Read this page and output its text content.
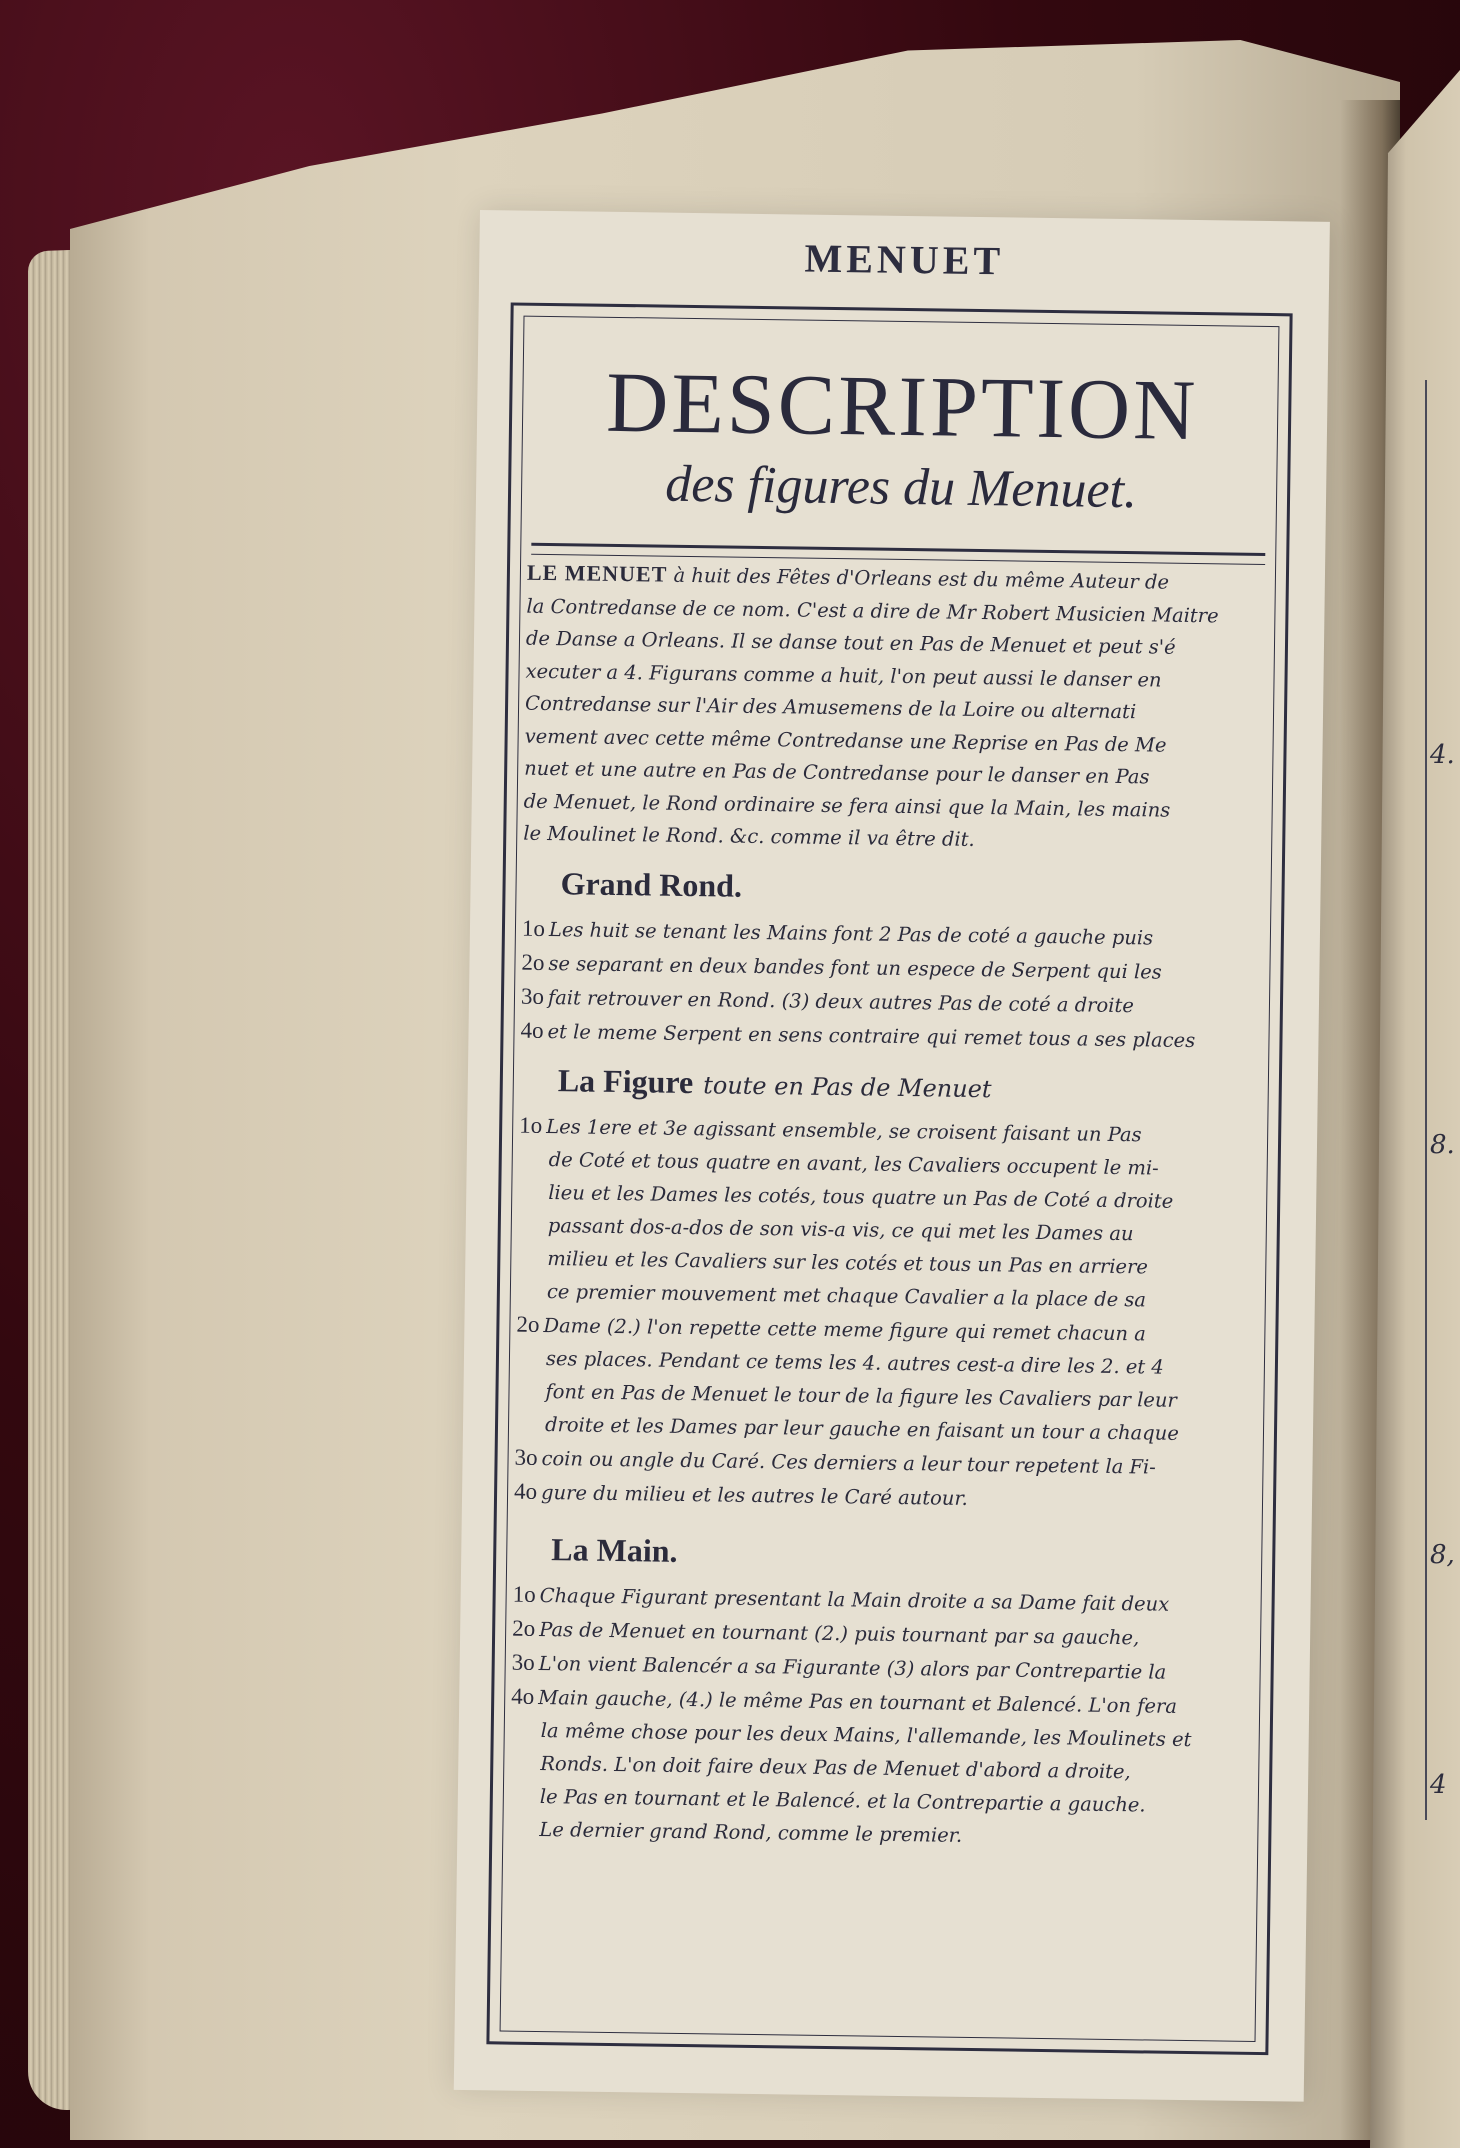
4.
8.
8,
4
MENUET
DESCRIPTION
des figures du Menuet.
LE MENUET à huit des Fêtes d'Orleans est du même Auteur de
la Contredanse de ce nom. C'est a dire de Mr Robert Musicien Maitre
de Danse a Orleans. Il se danse tout en Pas de Menuet et peut s'é
xecuter a 4. Figurans comme a huit, l'on peut aussi le danser en
Contredanse sur l'Air des Amusemens de la Loire ou alternati
vement avec cette même Contredanse une Reprise en Pas de Me
nuet et une autre en Pas de Contredanse pour le danser en Pas
de Menuet, le Rond ordinaire se fera ainsi que la Main, les mains
le Moulinet le Rond. &c. comme il va être dit.
Grand Rond.
1o Les huit se tenant les Mains font 2 Pas de coté a gauche puis
2o se separant en deux bandes font un espece de Serpent qui les
3o fait retrouver en Rond. (3) deux autres Pas de coté a droite
4o et le meme Serpent en sens contraire qui remet tous a ses places
La Figure toute en Pas de Menuet
1o Les 1ere et 3e agissant ensemble, se croisent faisant un Pas
de Coté et tous quatre en avant, les Cavaliers occupent le mi-
lieu et les Dames les cotés, tous quatre un Pas de Coté a droite
passant dos-a-dos de son vis-a vis, ce qui met les Dames au
milieu et les Cavaliers sur les cotés et tous un Pas en arriere
ce premier mouvement met chaque Cavalier a la place de sa
2o Dame (2.) l'on repette cette meme figure qui remet chacun a
ses places. Pendant ce tems les 4. autres cest-a dire les 2. et 4
font en Pas de Menuet le tour de la figure les Cavaliers par leur
droite et les Dames par leur gauche en faisant un tour a chaque
3o coin ou angle du Caré. Ces derniers a leur tour repetent la Fi-
4o gure du milieu et les autres le Caré autour.
La Main.
1o Chaque Figurant presentant la Main droite a sa Dame fait deux
2o Pas de Menuet en tournant (2.) puis tournant par sa gauche,
3o L'on vient Balencér a sa Figurante (3) alors par Contrepartie la
4o Main gauche, (4.) le même Pas en tournant et Balencé. L'on fera
la même chose pour les deux Mains, l'allemande, les Moulinets et
Ronds. L'on doit faire deux Pas de Menuet d'abord a droite,
le Pas en tournant et le Balencé. et la Contrepartie a gauche.
Le dernier grand Rond, comme le premier.
